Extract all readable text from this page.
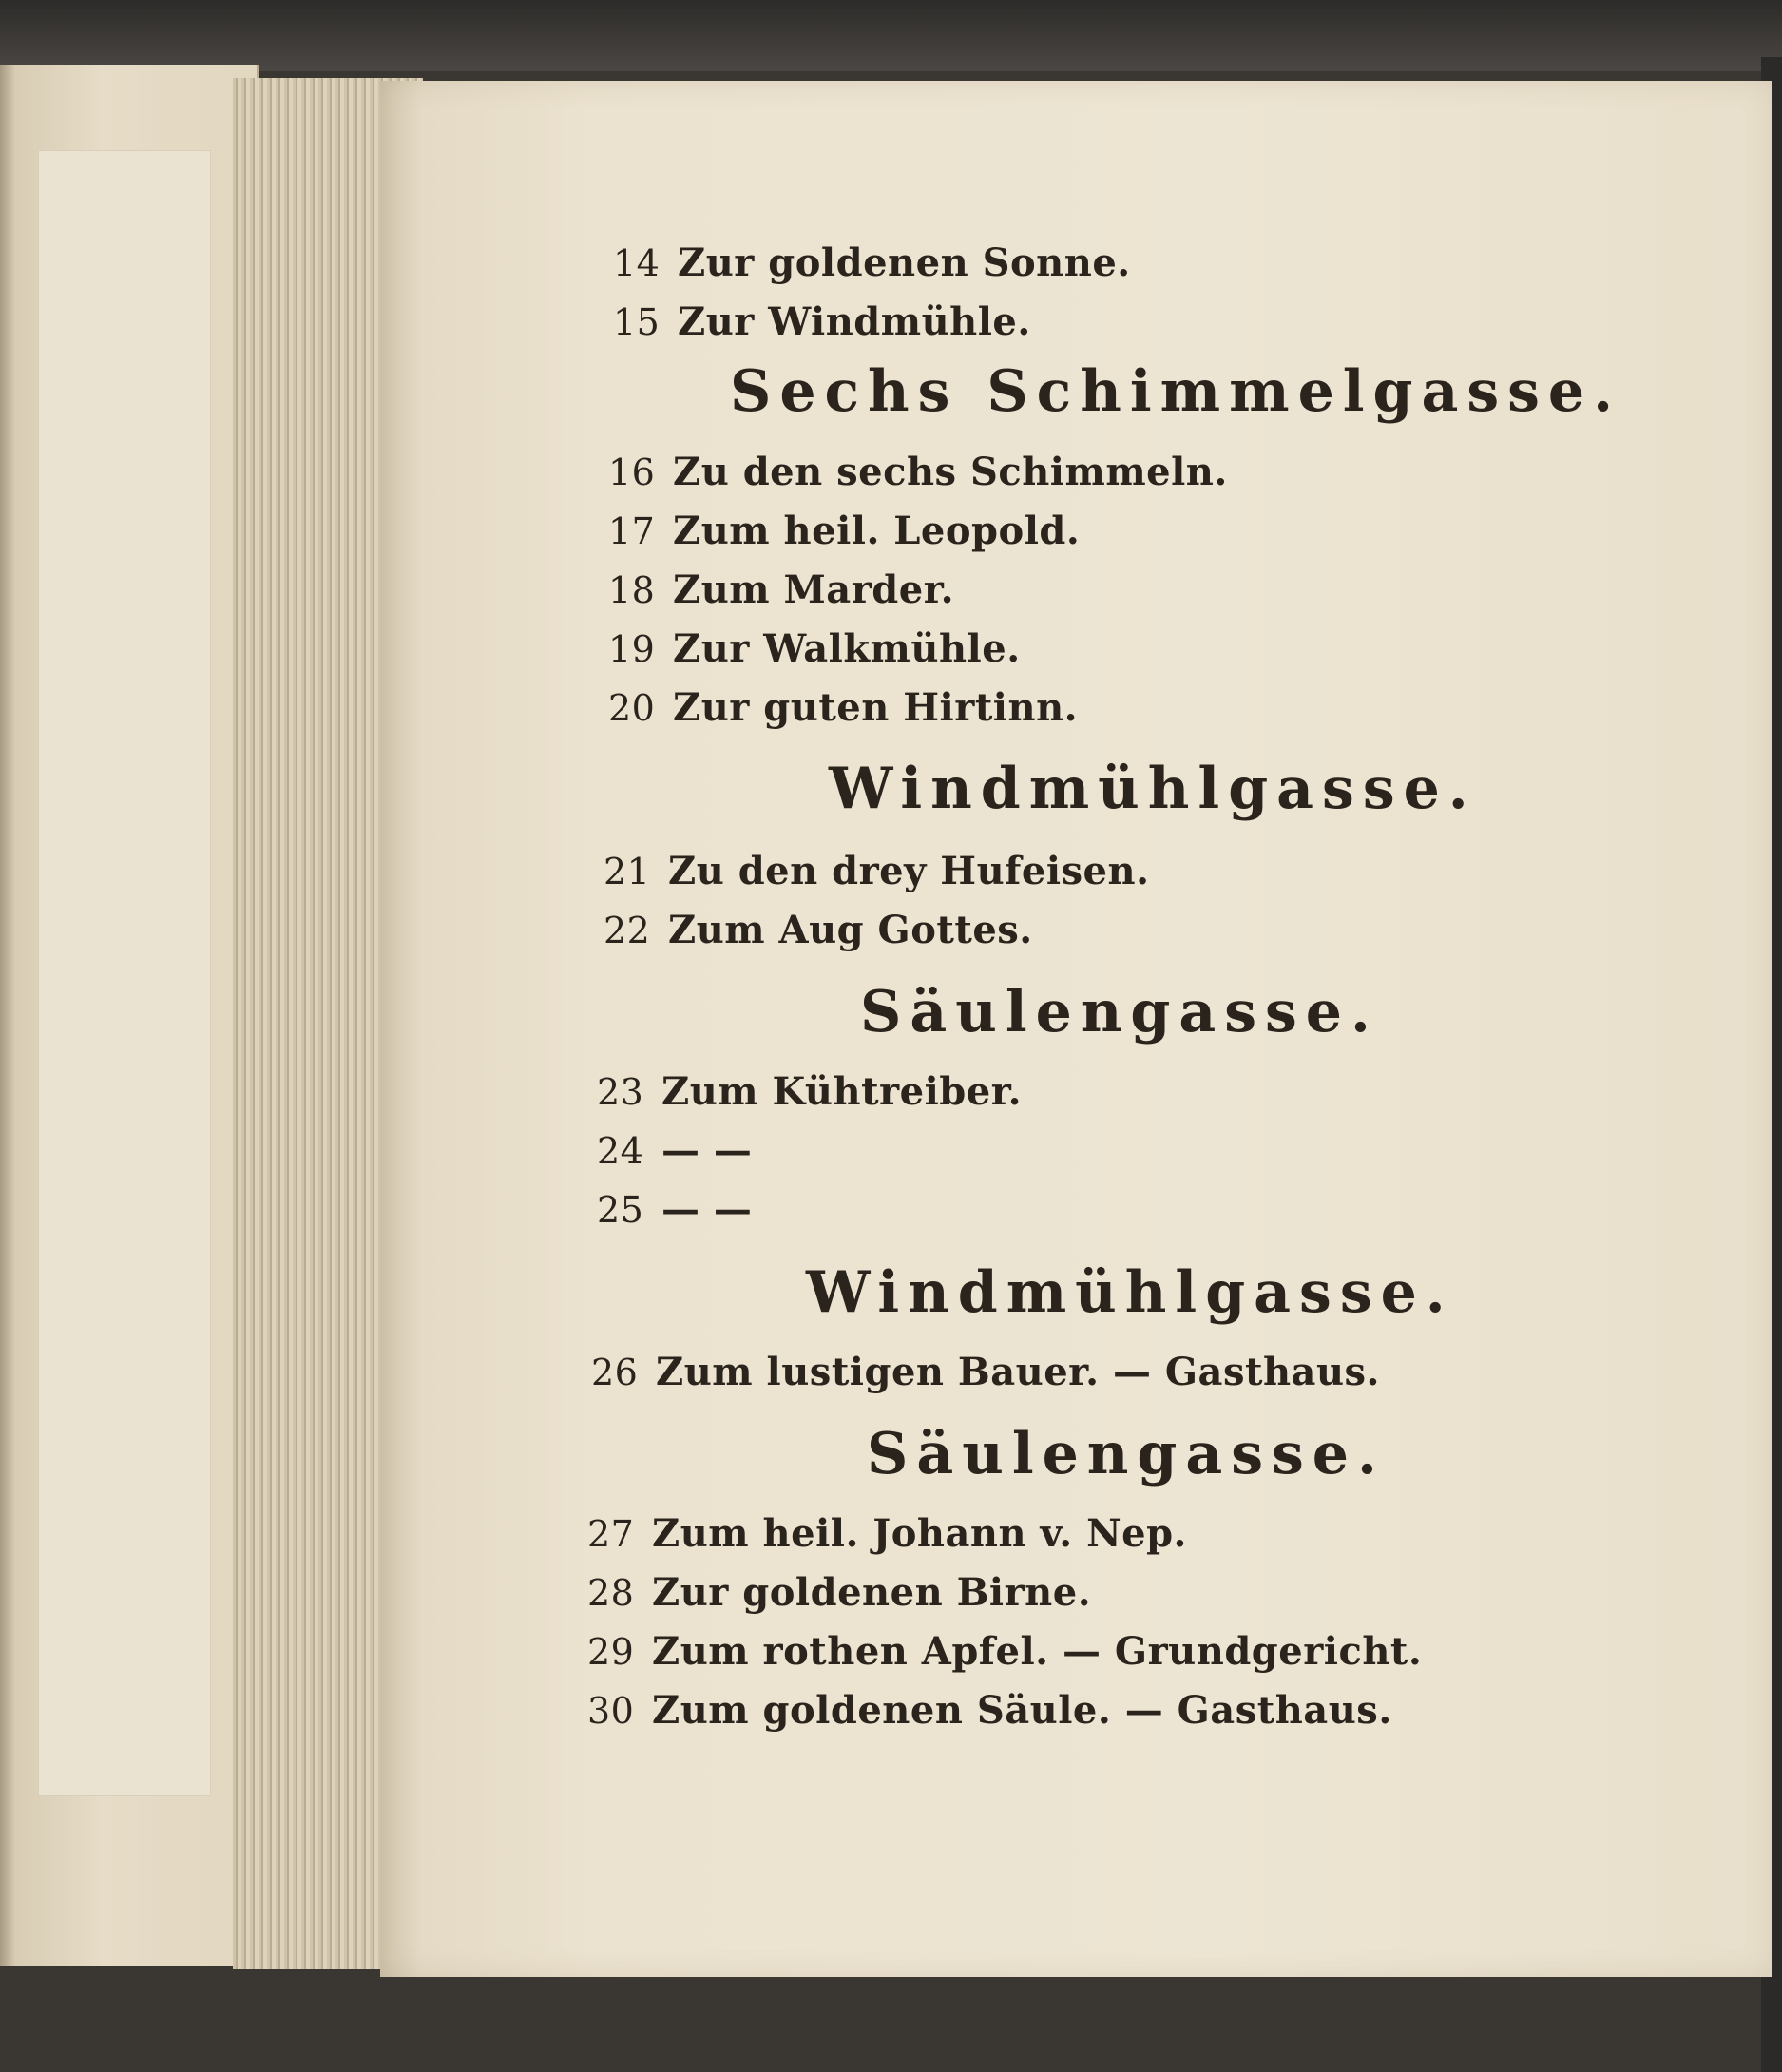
14 Zur goldenen Sonne.
15 Zur Windmühle.
Sechs Schimmelgasse.
16 Zu den sechs Schimmeln.
17 Zum heil. Leopold.
18 Zum Marder.
19 Zur Walkmühle.
20 Zur guten Hirtinn.
Windmühlgasse.
21 Zu den drey Hufeisen.
22 Zum Aug Gottes.
Säulengasse.
23 Zum Kühtreiber.
24 — —
25 — —
Windmühlgasse.
26 Zum lustigen Bauer. — Gasthaus.
Säulengasse.
27 Zum heil. Johann v. Nep.
28 Zur goldenen Birne.
29 Zum rothen Apfel. — Grundgericht.
30 Zum goldenen Säule. — Gasthaus.
